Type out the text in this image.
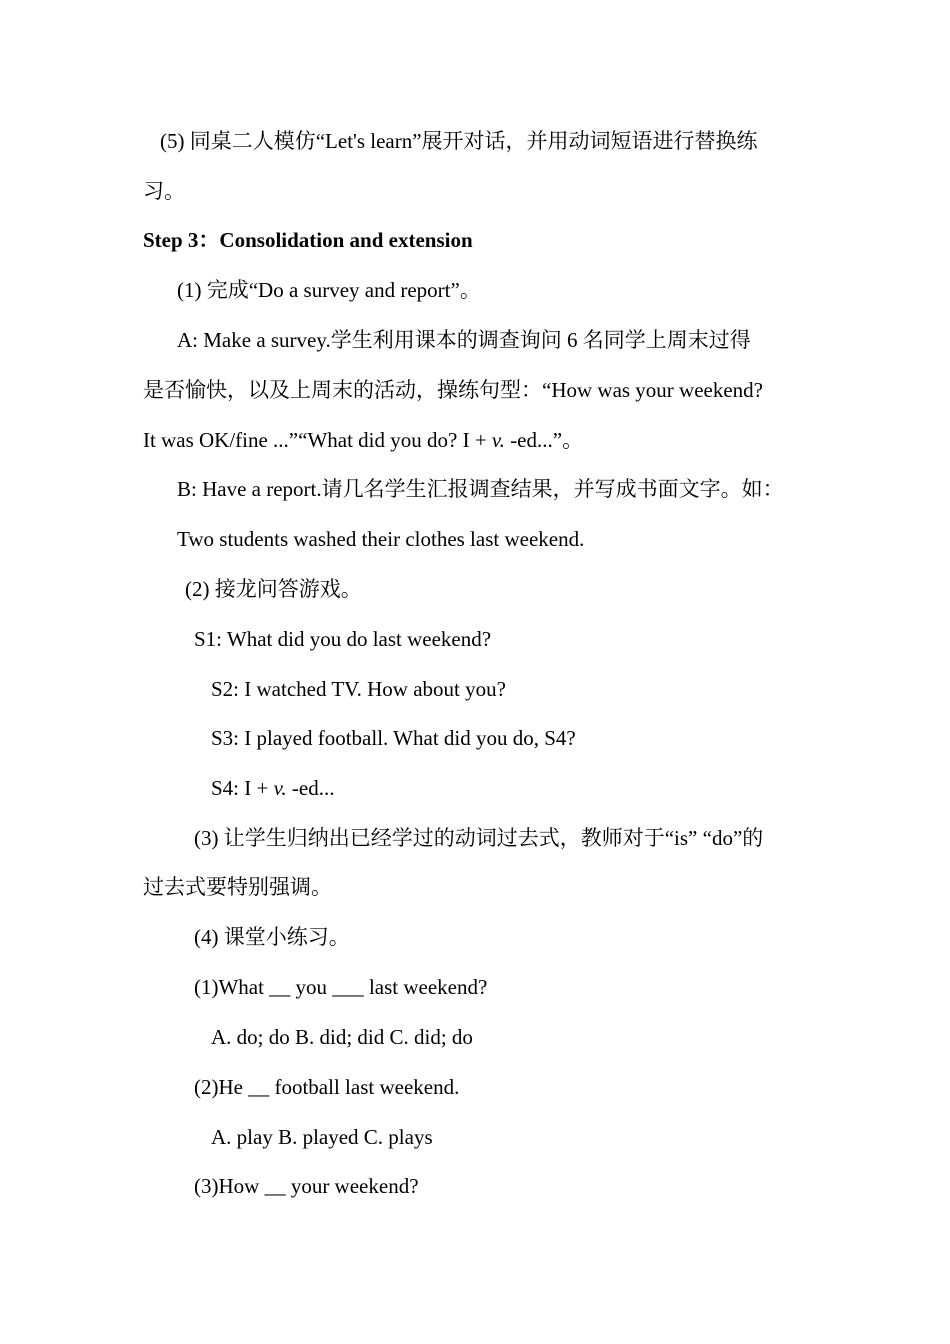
(5) 同桌二人模仿“Let's learn”展开对话，并用动词短语进行替换练
习。
Step 3：Consolidation and extension
(1) 完成“Do a survey and report”。
A: Make a survey.学生利用课本的调查询问 6 名同学上周末过得
是否愉快，以及上周末的活动，操练句型：“How was your weekend?
It was OK/fine ...”“What did you do? I + v. -ed...”。
B: Have a report.请几名学生汇报调查结果，并写成书面文字。如：
Two students washed their clothes last weekend.
(2) 接龙问答游戏。
S1: What did you do last weekend?
S2: I watched TV. How about you?
S3: I played football. What did you do, S4?
S4: I + v. -ed...
(3) 让学生归纳出已经学过的动词过去式，教师对于“is” “do”的
过去式要特别强调。
(4) 课堂小练习。
(1)What __ you ___ last weekend?
A. do; do B. did; did C. did; do
(2)He __ football last weekend.
A. play B. played C. plays
(3)How __ your weekend?
